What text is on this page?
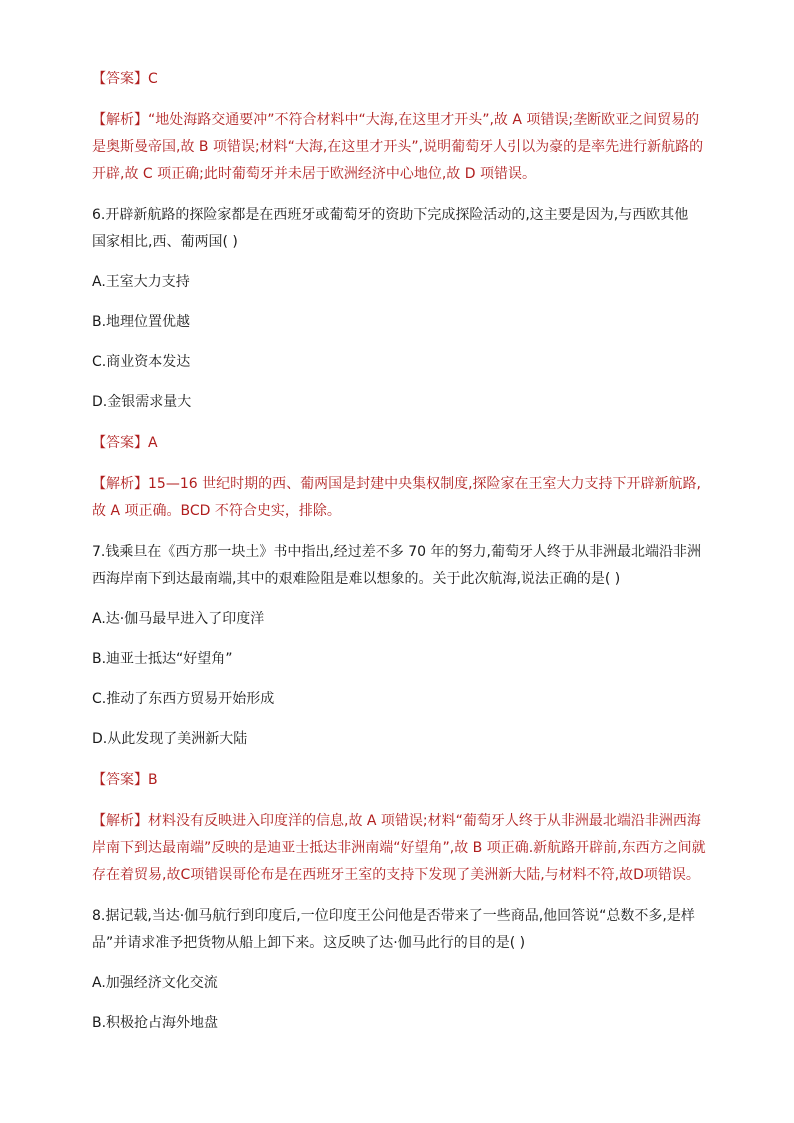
【答案】C

【解析】“地处海路交通要冲”不符合材料中“大海,在这里才开头”,故 A 项错误;垄断欧亚之间贸易的

是奥斯曼帝国,故 B 项错误;材料“大海,在这里才开头”,说明葡萄牙人引以为豪的是率先进行新航路的

开辟,故 C 项正确;此时葡萄牙并未居于欧洲经济中心地位,故 D 项错误。

6.开辟新航路的探险家都是在西班牙或葡萄牙的资助下完成探险活动的,这主要是因为,与西欧其他

国家相比,西、葡两国( )

A.王室大力支持

B.地理位置优越

C.商业资本发达

D.金银需求量大

【答案】A

【解析】15—16 世纪时期的西、葡两国是封建中央集权制度,探险家在王室大力支持下开辟新航路,

故 A 项正确。BCD 不符合史实，排除。

7.钱乘旦在《西方那一块土》书中指出,经过差不多 70 年的努力,葡萄牙人终于从非洲最北端沿非洲

西海岸南下到达最南端,其中的艰难险阻是难以想象的。关于此次航海,说法正确的是( )

A.达·伽马最早进入了印度洋

B.迪亚士抵达“好望角”

C.推动了东西方贸易开始形成

D.从此发现了美洲新大陆

【答案】B

【解析】材料没有反映进入印度洋的信息,故 A 项错误;材料“葡萄牙人终于从非洲最北端沿非洲西海

岸南下到达最南端”反映的是迪亚士抵达非洲南端“好望角”,故 B 项正确.新航路开辟前,东西方之间就

存在着贸易,故C项错误哥伦布是在西班牙王室的支持下发现了美洲新大陆,与材料不符,故D项错误。

8.据记载,当达·伽马航行到印度后,一位印度王公问他是否带来了一些商品,他回答说“总数不多,是样

品”并请求准予把货物从船上卸下来。这反映了达·伽马此行的目的是( )

A.加强经济文化交流

B.积极抢占海外地盘
